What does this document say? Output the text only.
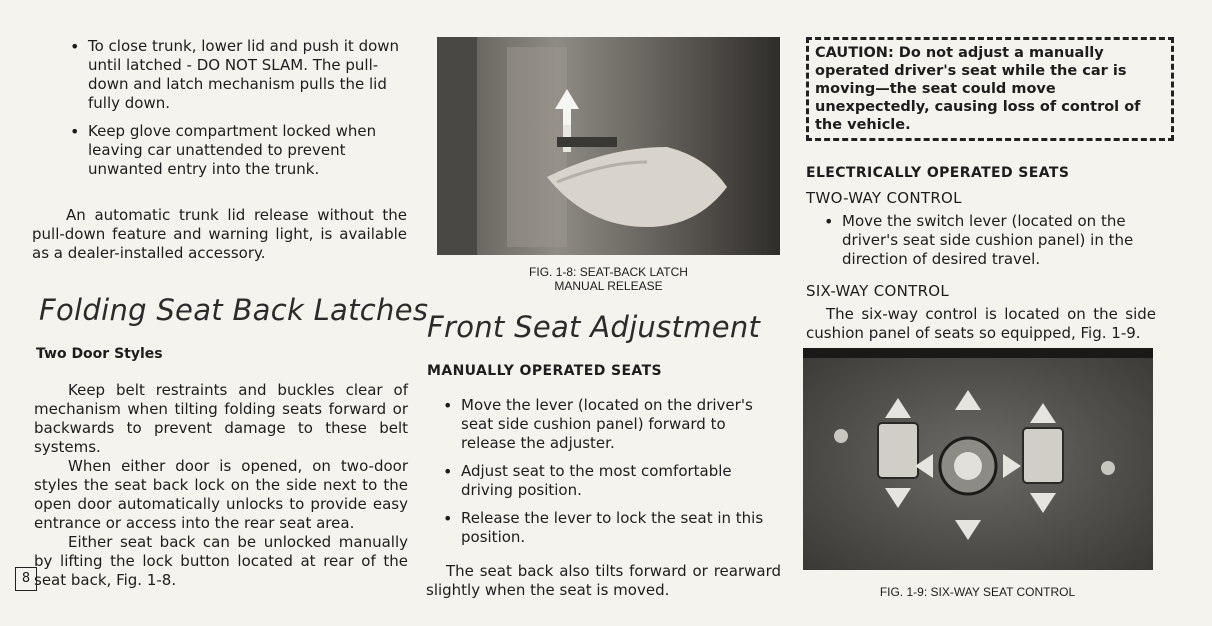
• To close trunk, lower lid and push it down until latched - DO NOT SLAM. The pull-down and latch mechanism pulls the lid fully down.
• Keep glove compartment locked when leaving car unattended to prevent unwanted entry into the trunk.

An automatic trunk lid release without the pull-down feature and warning light, is available as a dealer-installed accessory.

Folding Seat Back Latches
Two Door Styles

Keep belt restraints and buckles clear of mechanism when tilting folding seats forward or backwards to prevent damage to these belt systems.

When either door is opened, on two-door styles the seat back lock on the side next to the open door automatically unlocks to provide easy entrance or access into the rear seat area.

Either seat back can be unlocked manually by lifting the lock button located at rear of the seat back, Fig. 1-8.

8
FIG. 1-8: SEAT-BACK LATCH
MANUAL RELEASE
Front Seat Adjustment
MANUALLY OPERATED SEATS
• Move the lever (located on the driver's seat side cushion panel) forward to release the adjuster.
• Adjust seat to the most comfortable driving position.
• Release the lever to lock the seat in this position.

The seat back also tilts forward or rearward slightly when the seat is moved.

CAUTION: Do not adjust a manually operated driver's seat while the car is moving—the seat could move unexpectedly, causing loss of control of the vehicle.
ELECTRICALLY OPERATED SEATS
TWO-WAY CONTROL
• Move the switch lever (located on the driver's seat side cushion panel) in the direction of desired travel.
SIX-WAY CONTROL

The six-way control is located on the side cushion panel of seats so equipped, Fig. 1-9.

FIG. 1-9: SIX-WAY SEAT CONTROL
